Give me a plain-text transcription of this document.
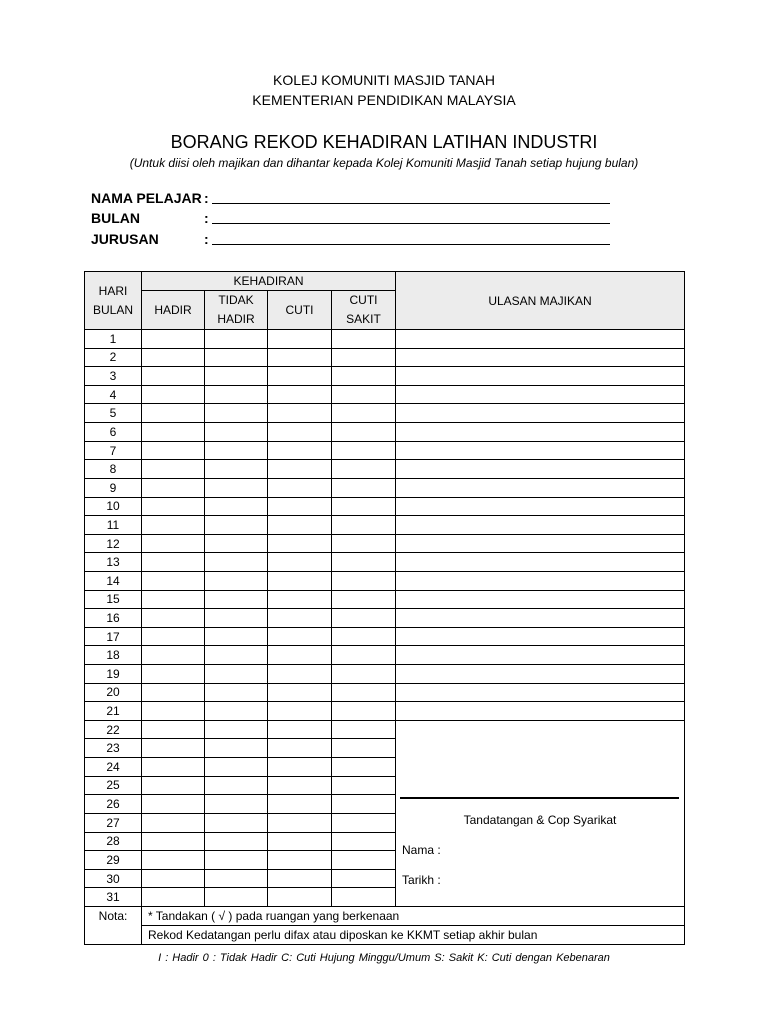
KOLEJ KOMUNITI MASJID TANAH
KEMENTERIAN PENDIDIKAN MALAYSIA
BORANG REKOD KEHADIRAN LATIHAN INDUSTRI
(Untuk diisi oleh majikan dan dihantar kepada Kolej Komuniti Masjid Tanah setiap hujung bulan)
NAMA PELAJAR :
BULAN	:
JURUSAN	:
HARI BULAN	KEHADIRAN				ULASAN MAJIKAN
	HADIR	TIDAK HADIR	CUTI	CUTI SAKIT	
1					
2					
3					
4					
5					
6					
7					
8					
9					
10					
11					
12					
13					
14					
15					
16					
17					
18					
19					
20					
21					
22					Tandatangan & Cop Syarikat
Nama :
Tarikh :

23					
24					
25					
26					
27					
28					
29					
30					
31					
Nota:	* Tandakan ( √ ) pada ruangan yang berkenaan				
	Rekod Kedatangan perlu difax atau diposkan ke KKMT setiap akhir bulan				
I : Hadir 0 : Tidak Hadir C: Cuti Hujung Minggu/Umum S: Sakit K: Cuti dengan Kebenaran
